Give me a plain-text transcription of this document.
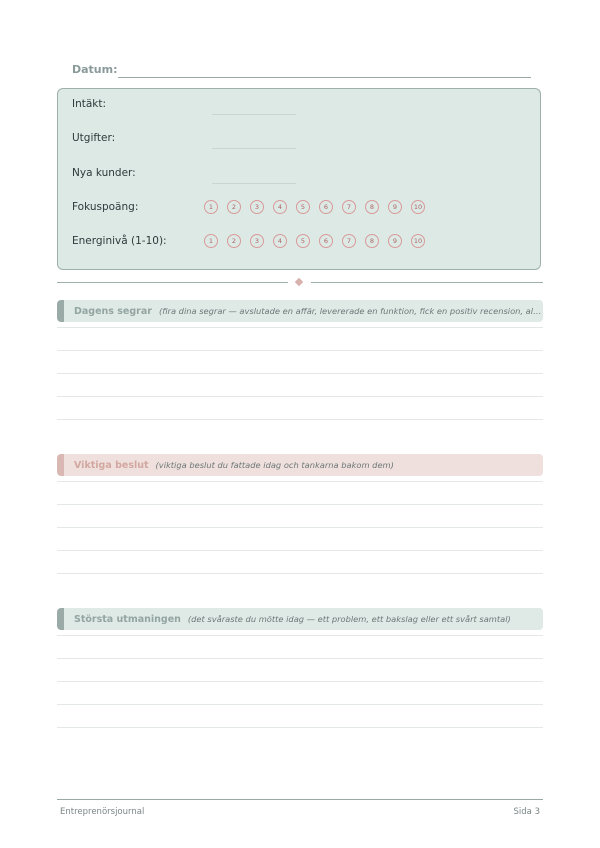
Datum:
Intäkt:
Utgifter:
Nya kunder:
Fokuspoäng:	1	2	3	4	5	6	7	8	9	10
Energinivå (1-10):	1	2	3	4	5	6	7	8	9	10
Dagens segrar (fira dina segrar — avslutade en affär, levererade en funktion, fick en positiv recension, all...
Viktiga beslut (viktiga beslut du fattade idag och tankarna bakom dem)
Största utmaningen (det svåraste du mötte idag — ett problem, ett bakslag eller ett svårt samtal)
Entreprenörsjournal	Sida 3
